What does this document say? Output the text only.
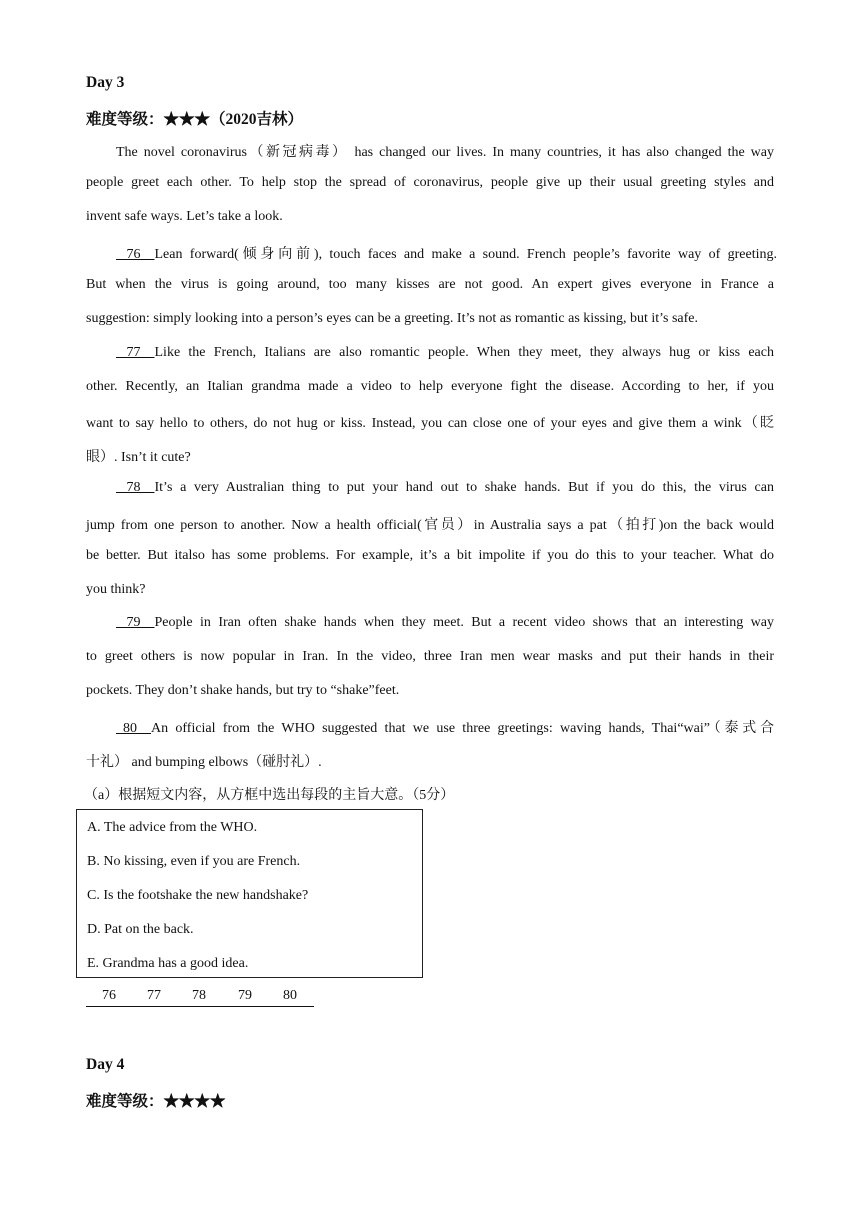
Day 3
难度等级：★★★（2020吉林）
The novel coronavirus（新冠病毒） has changed our lives. In many countries, it has also changed the way
people greet each other. To help stop the spread of coronavirus, people give up their usual greeting styles and
invent safe ways. Let’s take a look.
76 Lean forward(倾身向前), touch faces and make a sound. French people’s favorite way of greeting.
But when the virus is going around, too many kisses are not good. An expert gives everyone in France a
suggestion: simply looking into a person’s eyes can be a greeting. It’s not as romantic as kissing, but it’s safe.
77 Like the French, Italians are also romantic people. When they meet, they always hug or kiss each
other. Recently, an Italian grandma made a video to help everyone fight the disease. According to her, if you
want to say hello to others, do not hug or kiss. Instead, you can close one of your eyes and give them a wink（眨
眼）. Isn’t it cute?
78 It’s a very Australian thing to put your hand out to shake hands. But if you do this, the virus can
jump from one person to another. Now a health official(官员）in Australia says a pat（拍打)on the back would
be better. But italso has some problems. For example, it’s a bit impolite if you do this to your teacher. What do
you think?
79 People in Iran often shake hands when they meet. But a recent video shows that an interesting way
to greet others is now popular in Iran. In the video, three Iran men wear masks and put their hands in their
pockets. They don’t shake hands, but try to “shake”feet.
80 An official from the WHO suggested that we use three greetings: waving hands, Thai“wai”（泰式合
十礼） and bumping elbows（碰肘礼）.
（a）根据短文内容，从方框中选出每段的主旨大意。（5分）
A. The advice from the WHO.
B. No kissing, even if you are French.
C. Is the footshake the new handshake?
D. Pat on the back.
E. Grandma has a good idea.
76 77 78 79 80
Day 4
难度等级：★★★★
